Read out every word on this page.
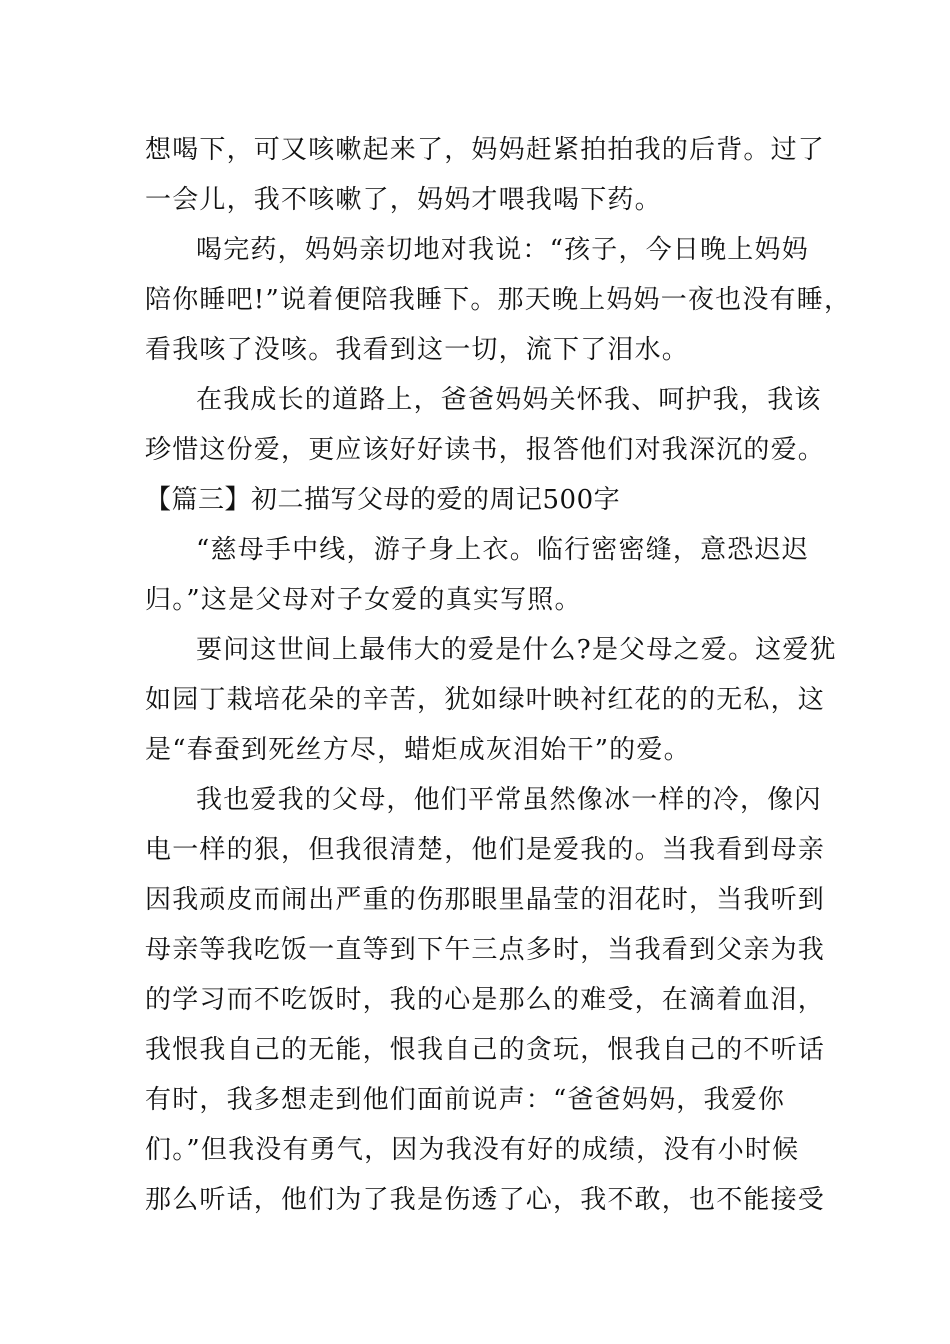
想喝下，可又咳嗽起来了，妈妈赶紧拍拍我的后背。过了
一会儿，我不咳嗽了，妈妈才喂我喝下药。
喝完药，妈妈亲切地对我说：“孩子，今日晚上妈妈
陪你睡吧!”说着便陪我睡下。那天晚上妈妈一夜也没有睡，
看我咳了没咳。我看到这一切，流下了泪水。
在我成长的道路上，爸爸妈妈关怀我、呵护我，我该
珍惜这份爱，更应该好好读书，报答他们对我深沉的爱。
【篇三】初二描写父母的爱的周记500字
“慈母手中线，游子身上衣。临行密密缝，意恐迟迟
归。”这是父母对子女爱的真实写照。
要问这世间上最伟大的爱是什么?是父母之爱。这爱犹
如园丁栽培花朵的辛苦，犹如绿叶映衬红花的的无私，这
是“春蚕到死丝方尽，蜡炬成灰泪始干”的爱。
我也爱我的父母，他们平常虽然像冰一样的冷，像闪
电一样的狠，但我很清楚，他们是爱我的。当我看到母亲
因我顽皮而闹出严重的伤那眼里晶莹的泪花时，当我听到
母亲等我吃饭一直等到下午三点多时，当我看到父亲为我
的学习而不吃饭时，我的心是那么的难受，在滴着血泪，
我恨我自己的无能，恨我自己的贪玩，恨我自己的不听话
有时，我多想走到他们面前说声：“爸爸妈妈，我爱你
们。”但我没有勇气，因为我没有好的成绩，没有小时候
那么听话，他们为了我是伤透了心，我不敢，也不能接受
